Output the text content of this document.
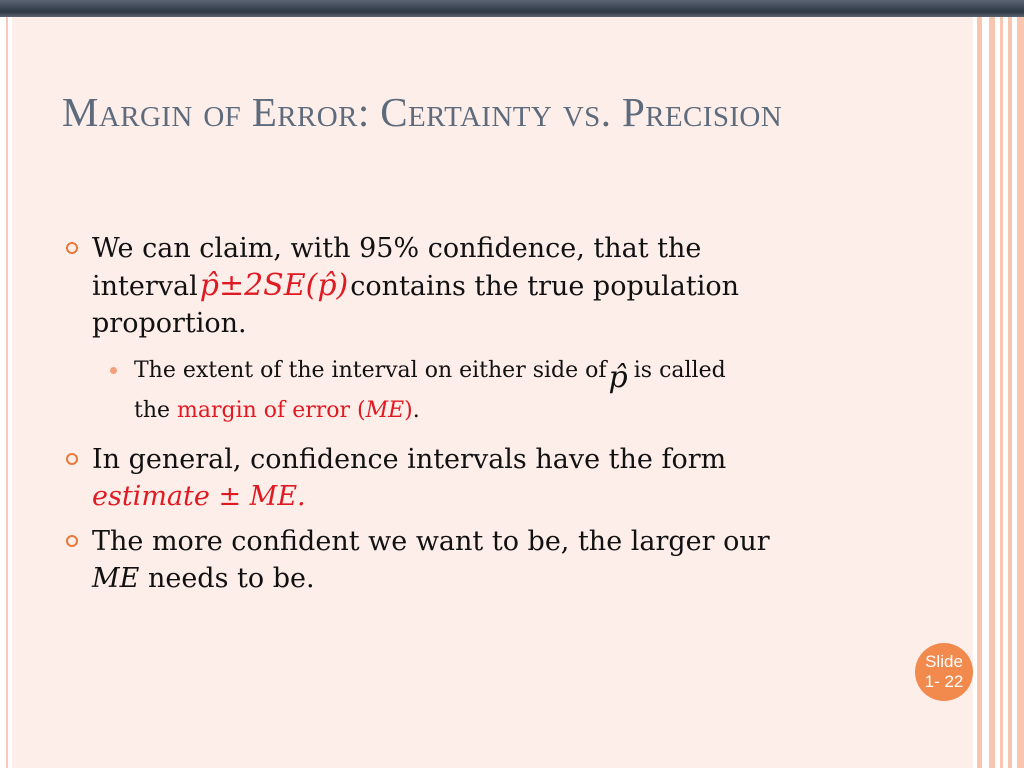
Margin of Error: Certainty vs. Precision
We can claim, with 95% confidence, that the
intervalp̂±2SE(p̂)contains the true population
proportion.
The extent of the interval on either side ofp̂ is called
the margin of error (ME).
In general, confidence intervals have the form
estimate ± ME.
The more confident we want to be, the larger our
ME needs to be.
Slide
1- 22
